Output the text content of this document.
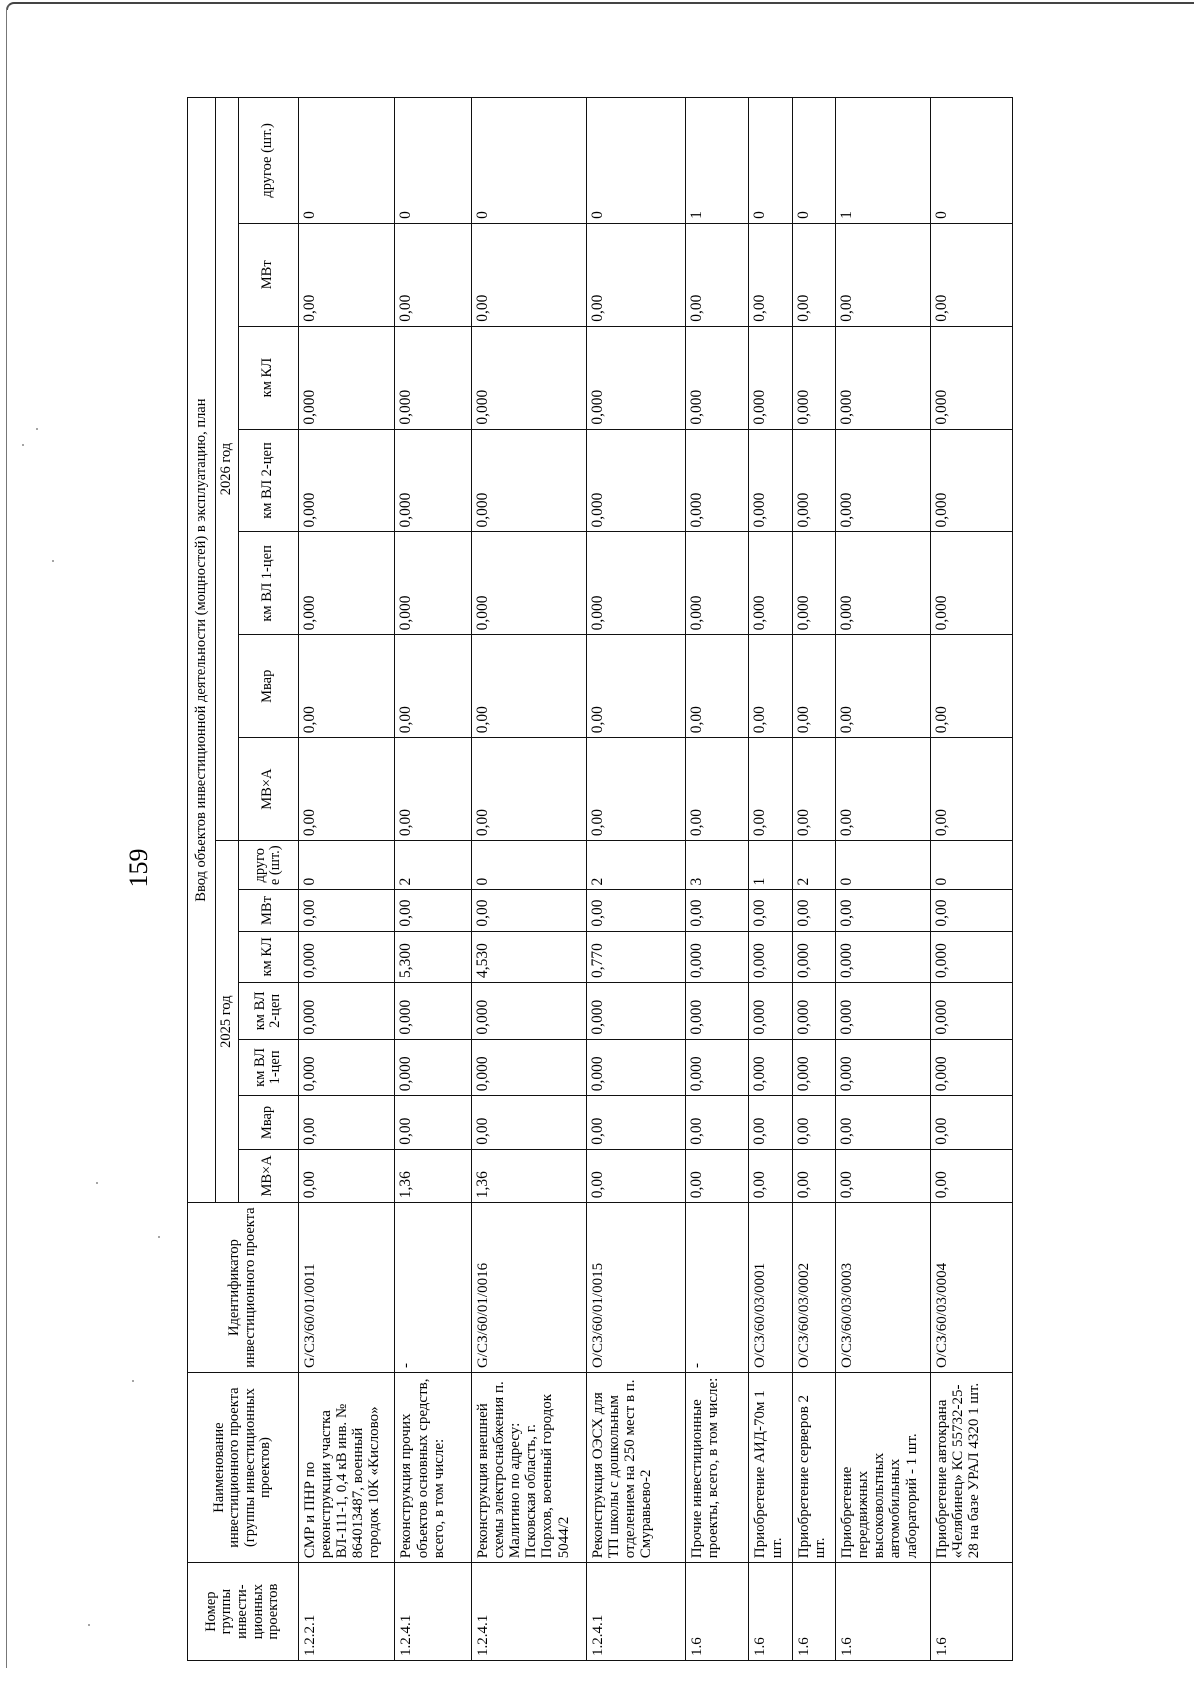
159
Номер группы инвести-ционных проектов	Наименование инвестиционного проекта (группы инвестиционных проектов)	Идентификатор инвестиционного проекта	Ввод объектов инвестиционной деятельности (мощностей) в эксплуатацию, план													
			2025 год							2026 год						
			МВ×А	Мвар	км ВЛ 1-цеп	км ВЛ 2-цеп	км КЛ	МВт	другое (шт.)	МВ×А	Мвар	км ВЛ 1-цеп	км ВЛ 2-цеп	км КЛ	МВт	другое (шт.)
1.2.2.1	СМР и ПНР по реконструкции участка ВЛ-111-1, 0,4 кВ инв. № 864013487, военный городок 10К «Кислово»	G/СЗ/60/01/0011	0,00	0,00	0,000	0,000	0,000	0,00	0	0,00	0,00	0,000	0,000	0,000	0,00	0
1.2.4.1	Реконструкция прочих объектов основных средств, всего, в том числе:	-	1,36	0,00	0,000	0,000	5,300	0,00	2	0,00	0,00	0,000	0,000	0,000	0,00	0
1.2.4.1	Реконструкция внешней схемы электроснабжения п. Малитино по адресу: Псковская область, г. Порхов, военный городок 5044/2	G/СЗ/60/01/0016	1,36	0,00	0,000	0,000	4,530	0,00	0	0,00	0,00	0,000	0,000	0,000	0,00	0
1.2.4.1	Реконструкция ОЭСХ для ТП школы с дошкольным отделением на 250 мест в п. Смуравьево-2	O/СЗ/60/01/0015	0,00	0,00	0,000	0,000	0,770	0,00	2	0,00	0,00	0,000	0,000	0,000	0,00	0
1.6	Прочие инвестиционные проекты, всего, в том числе:	-	0,00	0,00	0,000	0,000	0,000	0,00	3	0,00	0,00	0,000	0,000	0,000	0,00	1
1.6	Приобретение АИД-70м 1 шт.	O/СЗ/60/03/0001	0,00	0,00	0,000	0,000	0,000	0,00	1	0,00	0,00	0,000	0,000	0,000	0,00	0
1.6	Приобретение серверов 2 шт.	O/СЗ/60/03/0002	0,00	0,00	0,000	0,000	0,000	0,00	2	0,00	0,00	0,000	0,000	0,000	0,00	0
1.6	Приобретение передвижных высоковольтных автомобильных лабораторий - 1 шт.	O/СЗ/60/03/0003	0,00	0,00	0,000	0,000	0,000	0,00	0	0,00	0,00	0,000	0,000	0,000	0,00	1
1.6	Приобретение автокрана «Челябинец» КС 55732-25-28 на базе УРАЛ 4320 1 шт.	O/СЗ/60/03/0004	0,00	0,00	0,000	0,000	0,000	0,00	0	0,00	0,00	0,000	0,000	0,000	0,00	0
